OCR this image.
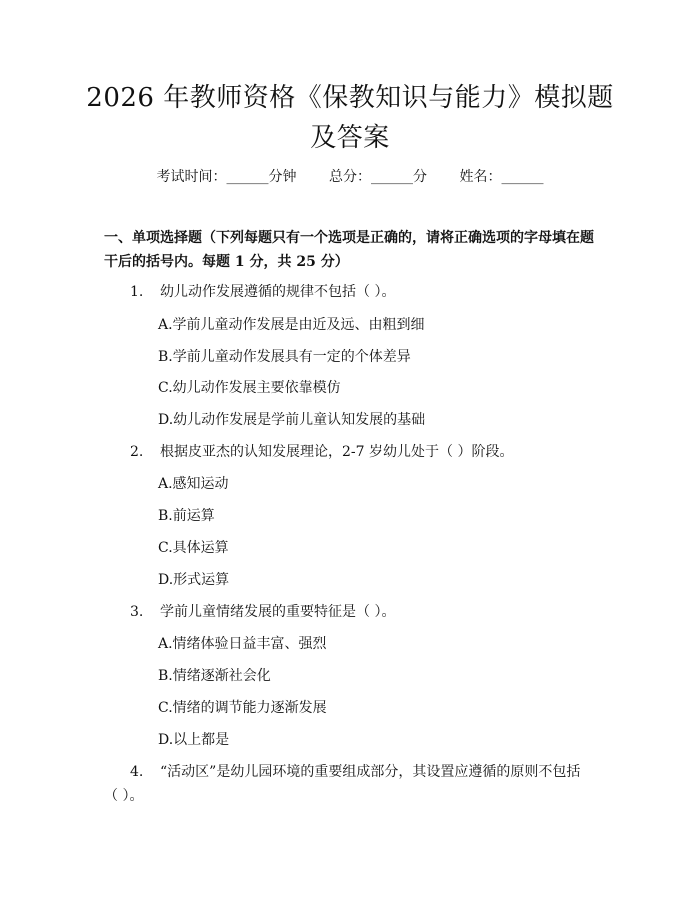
2026 年教师资格《保教知识与能力》模拟题
及答案
考试时间：______分钟 总分：______分 姓名：______
一、单项选择题（下列每题只有一个选项是正确的，请将正确选项的字母填在题干后的括号内。每题 1 分，共 25 分）
1. 幼儿动作发展遵循的规律不包括（ ）。
A.学前儿童动作发展是由近及远、由粗到细
B.学前儿童动作发展具有一定的个体差异
C.幼儿动作发展主要依靠模仿
D.幼儿动作发展是学前儿童认知发展的基础
2. 根据皮亚杰的认知发展理论，2-7 岁幼儿处于（ ）阶段。
A.感知运动
B.前运算
C.具体运算
D.形式运算
3. 学前儿童情绪发展的重要特征是（ ）。
A.情绪体验日益丰富、强烈
B.情绪逐渐社会化
C.情绪的调节能力逐渐发展
D.以上都是
4. “活动区”是幼儿园环境的重要组成部分，其设置应遵循的原则不包括
（ ）。
